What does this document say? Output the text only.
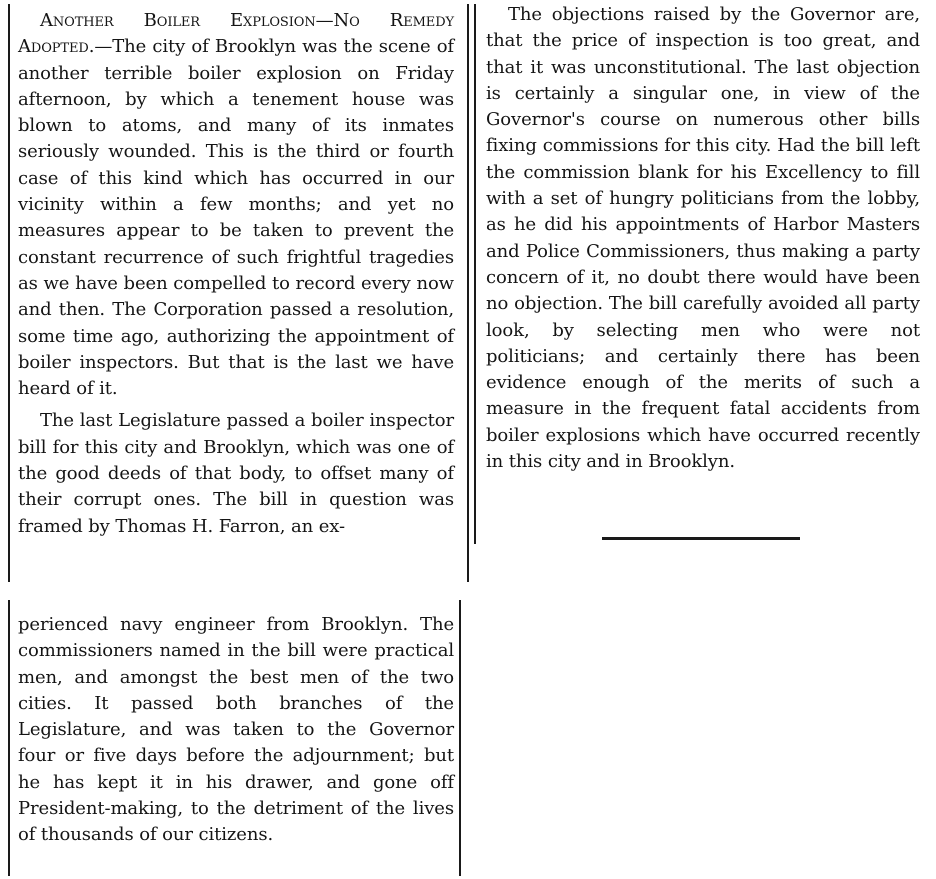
Another Boiler Explosion—No Remedy Adopted.—The city of Brooklyn was the scene of another terrible boiler explosion on Friday afternoon, by which a tenement house was blown to atoms, and many of its inmates seriously wounded. This is the third or fourth case of this kind which has occurred in our vicinity within a few months; and yet no measures appear to be taken to prevent the constant recurrence of such frightful tragedies as we have been compelled to record every now and then. The Corporation passed a resolution, some time ago, authorizing the appointment of boiler inspectors. But that is the last we have heard of it.

The last Legislature passed a boiler inspector bill for this city and Brooklyn, which was one of the good deeds of that body, to offset many of their corrupt ones. The bill in question was framed by Thomas H. Farron, an ex-

perienced navy engineer from Brooklyn. The commissioners named in the bill were practical men, and amongst the best men of the two cities. It passed both branches of the Legislature, and was taken to the Governor four or five days before the adjournment; but he has kept it in his drawer, and gone off President-making, to the detriment of the lives of thousands of our citizens.

The objections raised by the Governor are, that the price of inspection is too great, and that it was unconstitutional. The last objection is certainly a singular one, in view of the Governor's course on numerous other bills fixing commissions for this city. Had the bill left the commission blank for his Excellency to fill with a set of hungry politicians from the lobby, as he did his appointments of Harbor Masters and Police Commissioners, thus making a party concern of it, no doubt there would have been no objection. The bill carefully avoided all party look, by selecting men who were not politicians; and certainly there has been evidence enough of the merits of such a measure in the frequent fatal accidents from boiler explosions which have occurred recently in this city and in Brooklyn.
